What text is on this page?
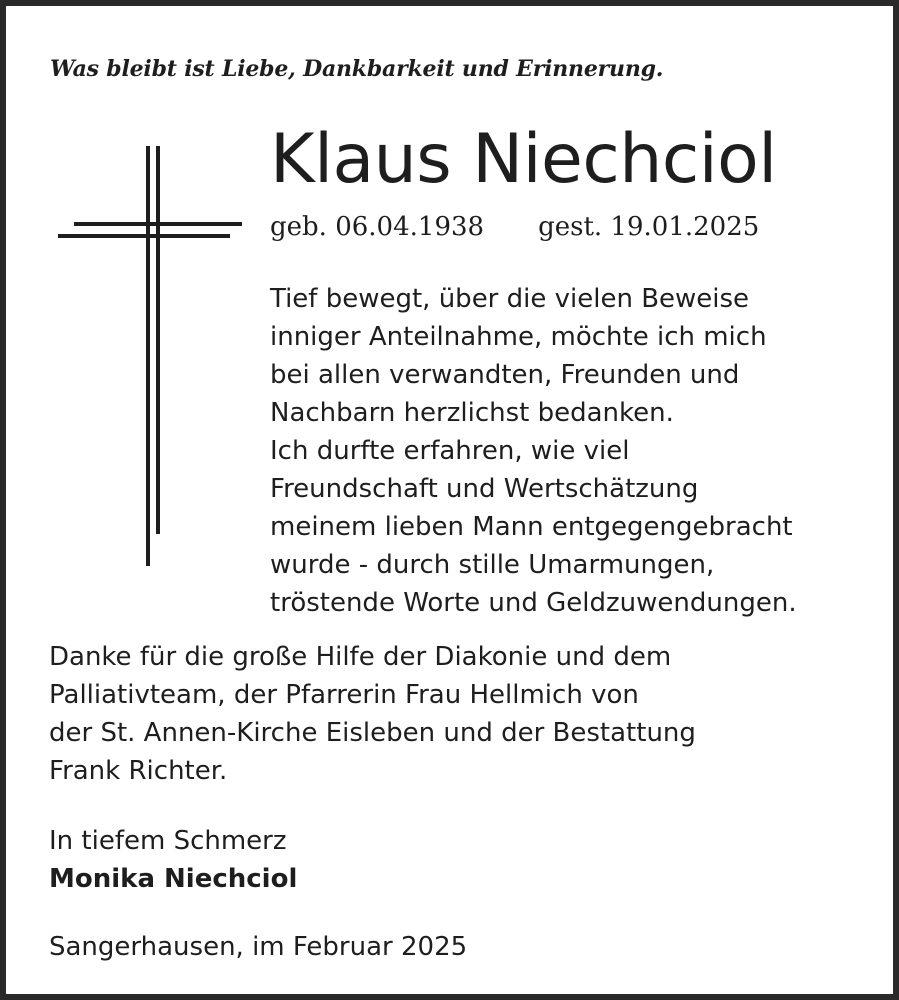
Was bleibt ist Liebe, Dankbarkeit und Erinnerung.
Klaus Niechciol
geb. 06.04.1938 gest. 19.01.2025
Tief bewegt, über die vielen Beweise
inniger Anteilnahme, möchte ich mich
bei allen verwandten, Freunden und
Nachbarn herzlichst bedanken.
Ich durfte erfahren, wie viel
Freundschaft und Wertschätzung
meinem lieben Mann entgegengebracht
wurde - durch stille Umarmungen,
tröstende Worte und Geldzuwendungen.
Danke für die große Hilfe der Diakonie und dem
Palliativteam, der Pfarrerin Frau Hellmich von
der St. Annen-Kirche Eisleben und der Bestattung
Frank Richter.
In tiefem Schmerz
Monika Niechciol
Sangerhausen, im Februar 2025
